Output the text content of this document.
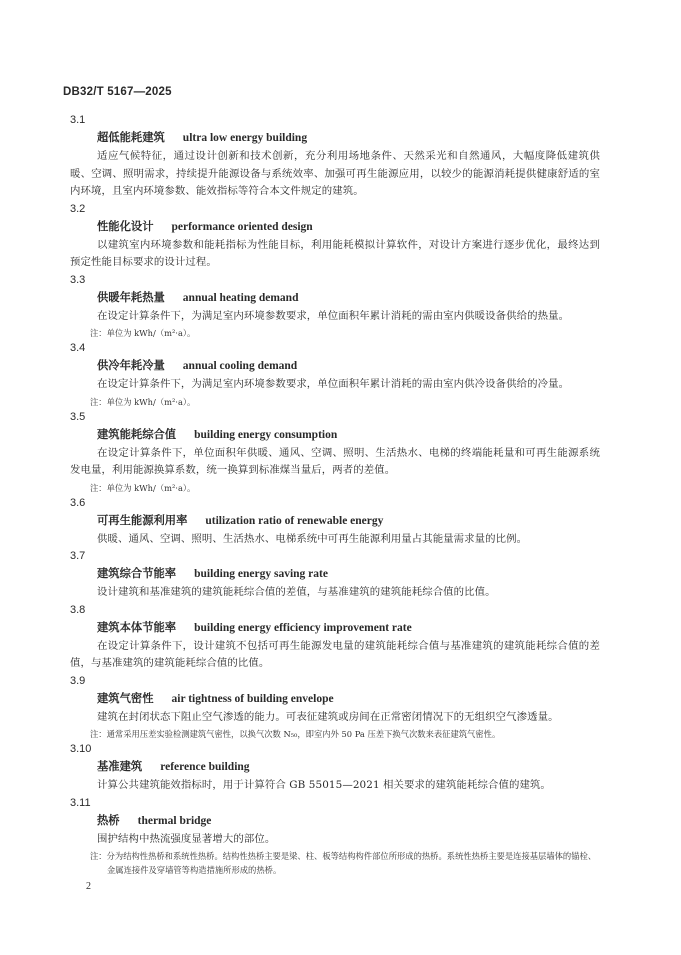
DB32/T 5167—2025

3.1

超低能耗建筑 ultra low energy building

适应气候特征，通过设计创新和技术创新，充分利用场地条件、天然采光和自然通风，大幅度降低建筑供暖、空调、照明需求，持续提升能源设备与系统效率、加强可再生能源应用，以较少的能源消耗提供健康舒适的室内环境，且室内环境参数、能效指标等符合本文件规定的建筑。

3.2

性能化设计 performance oriented design

以建筑室内环境参数和能耗指标为性能目标，利用能耗模拟计算软件，对设计方案进行逐步优化，最终达到预定性能目标要求的设计过程。

3.3

供暖年耗热量 annual heating demand

在设定计算条件下，为满足室内环境参数要求，单位面积年累计消耗的需由室内供暖设备供给的热量。

注：单位为 kWh/（m²·a）。

3.4

供冷年耗冷量 annual cooling demand

在设定计算条件下，为满足室内环境参数要求，单位面积年累计消耗的需由室内供冷设备供给的冷量。

注：单位为 kWh/（m²·a）。

3.5

建筑能耗综合值 building energy consumption

在设定计算条件下，单位面积年供暖、通风、空调、照明、生活热水、电梯的终端能耗量和可再生能源系统发电量，利用能源换算系数，统一换算到标准煤当量后，两者的差值。

注：单位为 kWh/（m²·a）。

3.6

可再生能源利用率 utilization ratio of renewable energy

供暖、通风、空调、照明、生活热水、电梯系统中可再生能源利用量占其能量需求量的比例。

3.7

建筑综合节能率 building energy saving rate

设计建筑和基准建筑的建筑能耗综合值的差值，与基准建筑的建筑能耗综合值的比值。

3.8

建筑本体节能率 building energy efficiency improvement rate

在设定计算条件下，设计建筑不包括可再生能源发电量的建筑能耗综合值与基准建筑的建筑能耗综合值的差值，与基准建筑的建筑能耗综合值的比值。

3.9

建筑气密性 air tightness of building envelope

建筑在封闭状态下阻止空气渗透的能力。可表征建筑或房间在正常密闭情况下的无组织空气渗透量。

注：通常采用压差实验检测建筑气密性，以换气次数 N₅₀，即室内外 50 Pa 压差下换气次数来表征建筑气密性。

3.10

基准建筑 reference building

计算公共建筑能效指标时，用于计算符合 GB 55015—2021 相关要求的建筑能耗综合值的建筑。

3.11

热桥 thermal bridge

围护结构中热流强度显著增大的部位。

注：分为结构性热桥和系统性热桥。结构性热桥主要是梁、柱、板等结构构件部位所形成的热桥。系统性热桥主要是连接基层墙体的锚栓、金属连接件及穿墙管等构造措施所形成的热桥。

2
